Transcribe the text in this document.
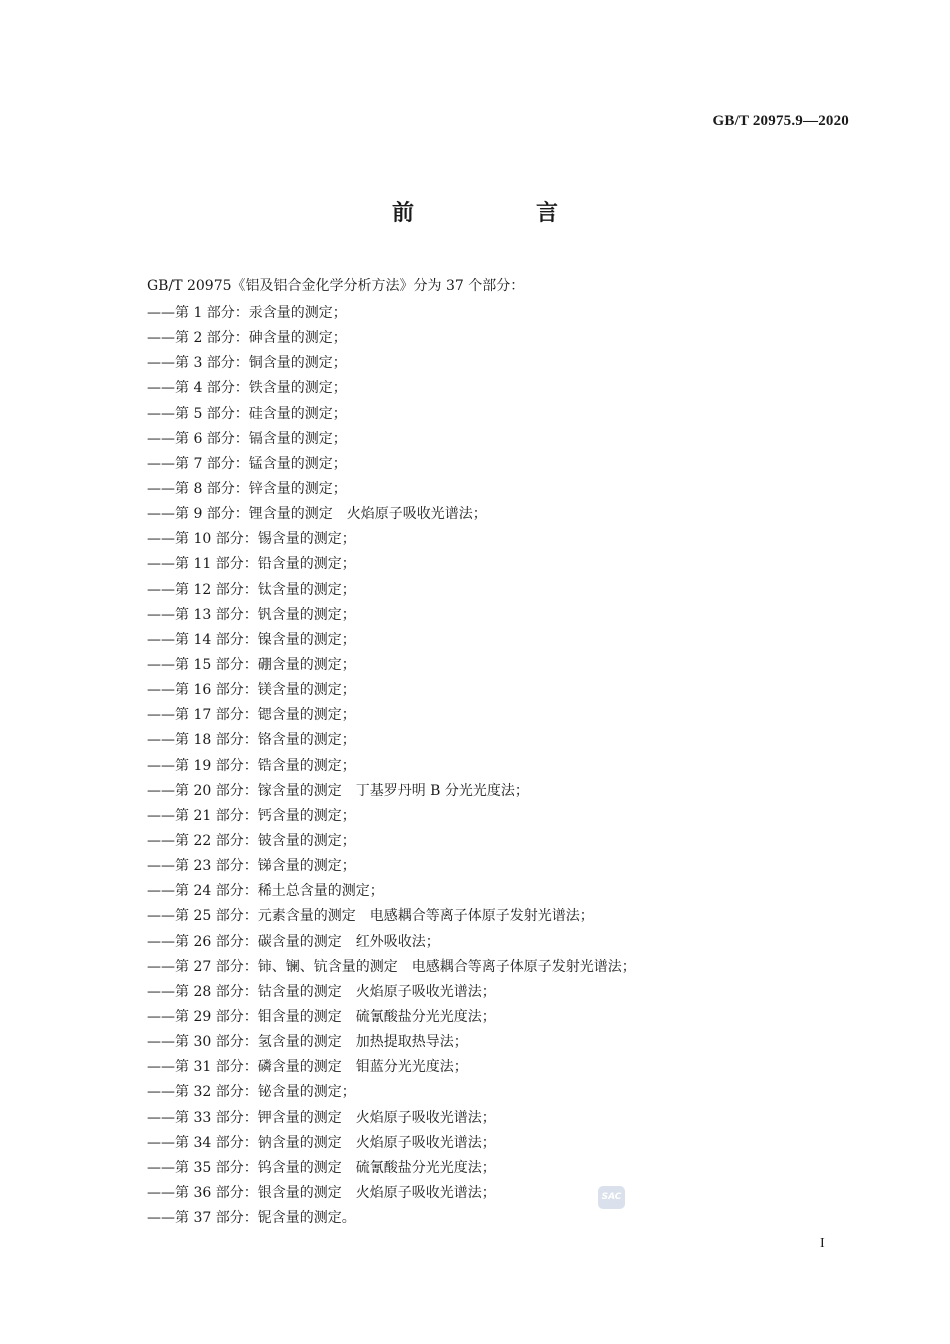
GB/T 20975.9—2020
前　言
GB/T 20975《铝及铝合金化学分析方法》分为 37 个部分：
——第 1 部分：汞含量的测定；
——第 2 部分：砷含量的测定；
——第 3 部分：铜含量的测定；
——第 4 部分：铁含量的测定；
——第 5 部分：硅含量的测定；
——第 6 部分：镉含量的测定；
——第 7 部分：锰含量的测定；
——第 8 部分：锌含量的测定；
——第 9 部分：锂含量的测定　火焰原子吸收光谱法；
——第 10 部分：锡含量的测定；
——第 11 部分：铅含量的测定；
——第 12 部分：钛含量的测定；
——第 13 部分：钒含量的测定；
——第 14 部分：镍含量的测定；
——第 15 部分：硼含量的测定；
——第 16 部分：镁含量的测定；
——第 17 部分：锶含量的测定；
——第 18 部分：铬含量的测定；
——第 19 部分：锆含量的测定；
——第 20 部分：镓含量的测定　丁基罗丹明 B 分光光度法；
——第 21 部分：钙含量的测定；
——第 22 部分：铍含量的测定；
——第 23 部分：锑含量的测定；
——第 24 部分：稀土总含量的测定；
——第 25 部分：元素含量的测定　电感耦合等离子体原子发射光谱法；
——第 26 部分：碳含量的测定　红外吸收法；
——第 27 部分：铈、镧、钪含量的测定　电感耦合等离子体原子发射光谱法；
——第 28 部分：钴含量的测定　火焰原子吸收光谱法；
——第 29 部分：钼含量的测定　硫氰酸盐分光光度法；
——第 30 部分：氢含量的测定　加热提取热导法；
——第 31 部分：磷含量的测定　钼蓝分光光度法；
——第 32 部分：铋含量的测定；
——第 33 部分：钾含量的测定　火焰原子吸收光谱法；
——第 34 部分：钠含量的测定　火焰原子吸收光谱法；
——第 35 部分：钨含量的测定　硫氰酸盐分光光度法；
——第 36 部分：银含量的测定　火焰原子吸收光谱法；
——第 37 部分：铌含量的测定。
SAC
I
